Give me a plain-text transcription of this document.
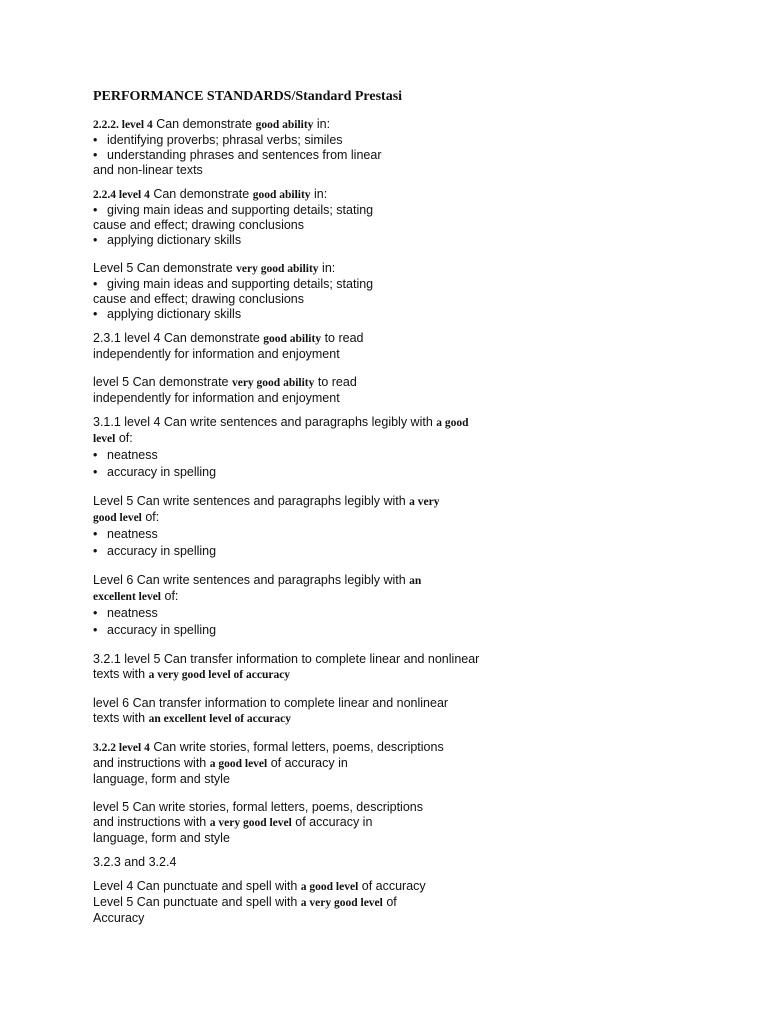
PERFORMANCE STANDARDS/Standard Prestasi
2.2.2. level 4 Can demonstrate good ability in:
• identifying proverbs; phrasal verbs; similes
• understanding phrases and sentences from linear
and non-linear texts
2.2.4 level 4 Can demonstrate good ability in:
• giving main ideas and supporting details; stating
cause and effect; drawing conclusions
• applying dictionary skills
Level 5 Can demonstrate very good ability in:
• giving main ideas and supporting details; stating
cause and effect; drawing conclusions
• applying dictionary skills
2.3.1 level 4 Can demonstrate good ability to read
independently for information and enjoyment
level 5 Can demonstrate very good ability to read
independently for information and enjoyment
3.1.1 level 4 Can write sentences and paragraphs legibly with a good
level of:
• neatness
• accuracy in spelling
Level 5 Can write sentences and paragraphs legibly with a very
good level of:
• neatness
• accuracy in spelling
Level 6 Can write sentences and paragraphs legibly with an
excellent level of:
• neatness
• accuracy in spelling
3.2.1 level 5 Can transfer information to complete linear and nonlinear
texts with a very good level of accuracy
level 6 Can transfer information to complete linear and nonlinear
texts with an excellent level of accuracy
3.2.2 level 4 Can write stories, formal letters, poems, descriptions
and instructions with a good level of accuracy in
language, form and style
level 5 Can write stories, formal letters, poems, descriptions
and instructions with a very good level of accuracy in
language, form and style
3.2.3 and 3.2.4
Level 4 Can punctuate and spell with a good level of accuracy
Level 5 Can punctuate and spell with a very good level of
Accuracy
